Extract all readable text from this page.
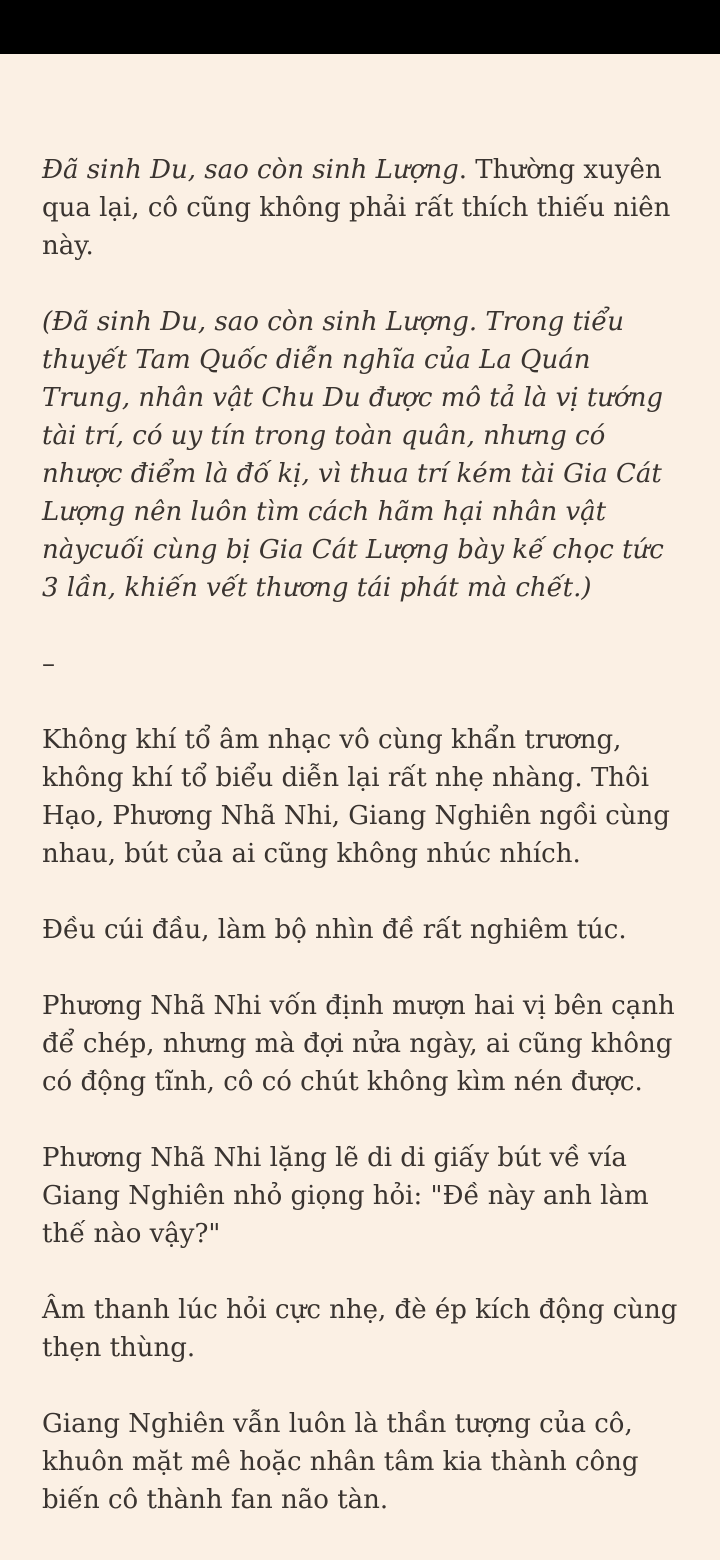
Đã sinh Du, sao còn sinh Lượng. Thường xuyên qua lại, cô cũng không phải rất thích thiếu niên này.

(Đã sinh Du, sao còn sinh Lượng. Trong tiểu thuyết Tam Quốc diễn nghĩa của La Quán Trung, nhân vật Chu Du được mô tả là vị tướng tài trí, có uy tín trong toàn quân, nhưng có nhược điểm là đố kị, vì thua trí kém tài Gia Cát Lượng nên luôn tìm cách hãm hại nhân vật nàycuối cùng bị Gia Cát Lượng bày kế chọc tức 3 lần, khiến vết thương tái phát mà chết.)

–

Không khí tổ âm nhạc vô cùng khẩn trương, không khí tổ biểu diễn lại rất nhẹ nhàng. Thôi Hạo, Phương Nhã Nhi, Giang Nghiên ngồi cùng nhau, bút của ai cũng không nhúc nhích.

Đều cúi đầu, làm bộ nhìn đề rất nghiêm túc.

Phương Nhã Nhi vốn định mượn hai vị bên cạnh để chép, nhưng mà đợi nửa ngày, ai cũng không có động tĩnh, cô có chút không kìm nén được.

Phương Nhã Nhi lặng lẽ di di giấy bút về vía Giang Nghiên nhỏ giọng hỏi: "Đề này anh làm thế nào vậy?"

Âm thanh lúc hỏi cực nhẹ, đè ép kích động cùng thẹn thùng.

Giang Nghiên vẫn luôn là thần tượng của cô, khuôn mặt mê hoặc nhân tâm kia thành công biến cô thành fan não tàn.
